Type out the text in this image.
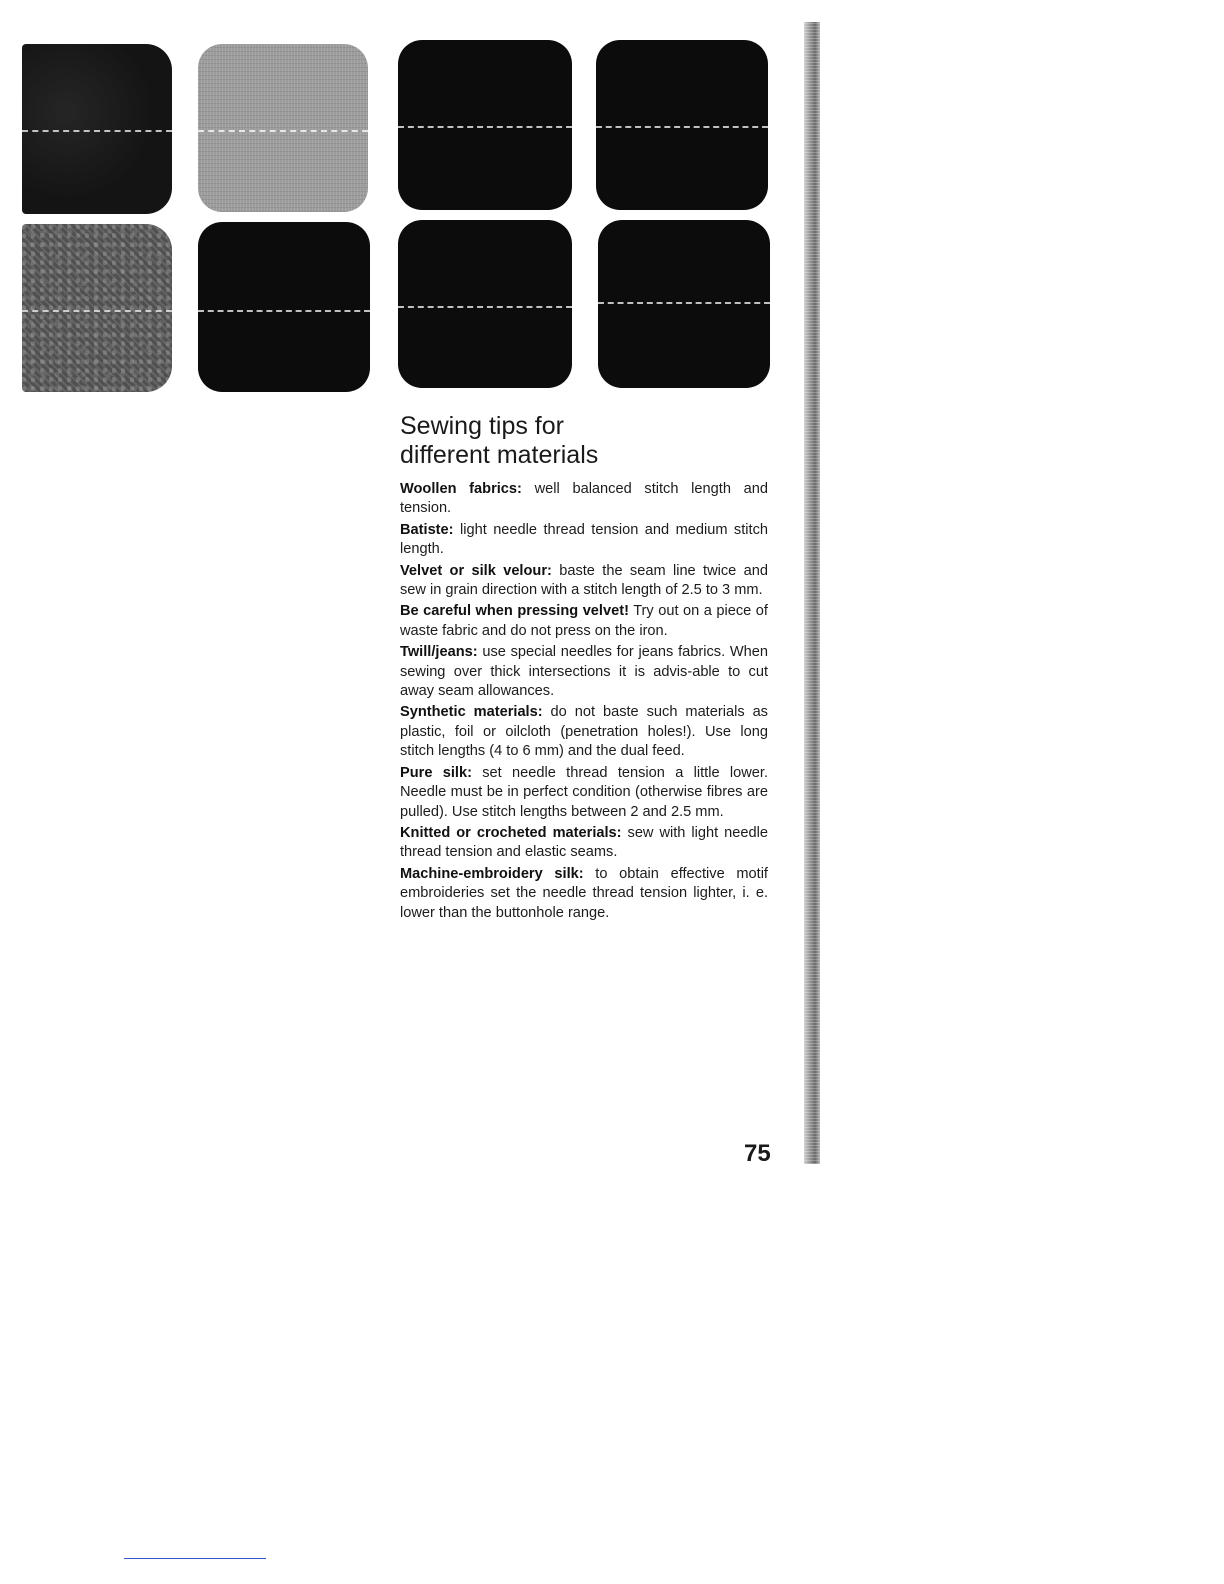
Sewing tips for
different materials

Woollen fabrics: well balanced stitch length and tension.

Batiste: light needle thread tension and medium stitch length.

Velvet or silk velour: baste the seam line twice and sew in grain direction with a stitch length of 2.5 to 3 mm.

Be careful when pressing velvet! Try out on a piece of waste fabric and do not press on the iron.

Twill/jeans: use special needles for jeans fabrics. When sewing over thick intersections it is advis-able to cut away seam allowances.

Synthetic materials: do not baste such materials as plastic, foil or oilcloth (penetration holes!). Use long stitch lengths (4 to 6 mm) and the dual feed.

Pure silk: set needle thread tension a little lower. Needle must be in perfect condition (otherwise fibres are pulled). Use stitch lengths between 2 and 2.5 mm.

Knitted or crocheted materials: sew with light needle thread tension and elastic seams.

Machine-embroidery silk: to obtain effective motif embroideries set the needle thread tension lighter, i. e. lower than the buttonhole range.

75
